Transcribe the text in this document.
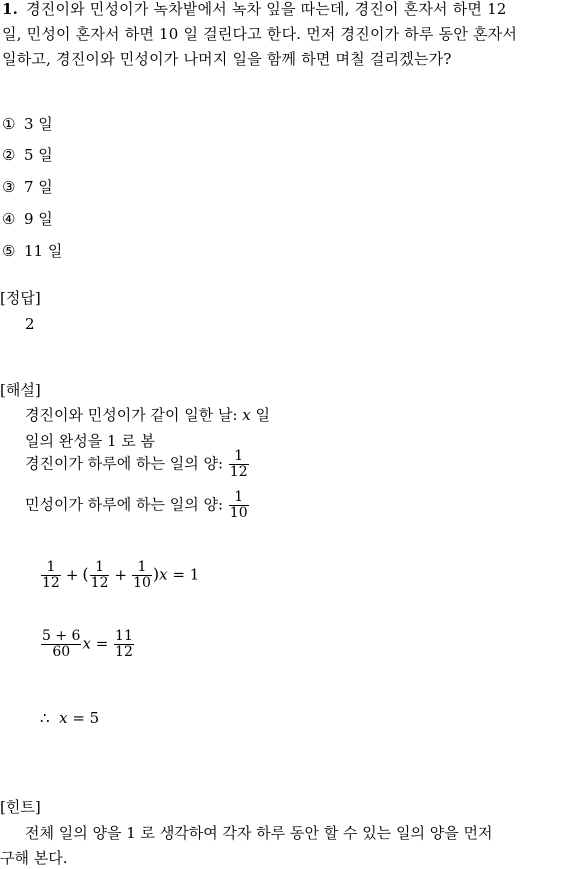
1. 경진이와 민성이가 녹차밭에서 녹차 잎을 따는데, 경진이 혼자서 하면 12
일, 민성이 혼자서 하면 10 일 걸린다고 한다. 먼저 경진이가 하루 동안 혼자서
일하고, 경진이와 민성이가 나머지 일을 함께 하면 며칠 걸리겠는가?
① 3 일
② 5 일
③ 7 일
④ 9 일
⑤ 11 일
[정답]
2
[해설]
경진이와 민성이가 같이 일한 날: x 일
일의 완성을 1 로 봄
경진이가 하루에 하는 일의 양: $\frac{1}{12}$
민성이가 하루에 하는 일의 양: $\frac{1}{10}$
$\frac{1}{12}$ + ( $\frac{1}{12} + \frac{1}{10} )x = 1$
$\frac{5 + 6}{60}$ $x = \frac{11}{12}$
∴ x = 5
[힌트]
전체 일의 양을 1 로 생각하여 각자 하루 동안 할 수 있는 일의 양을 먼저
구해 본다.
